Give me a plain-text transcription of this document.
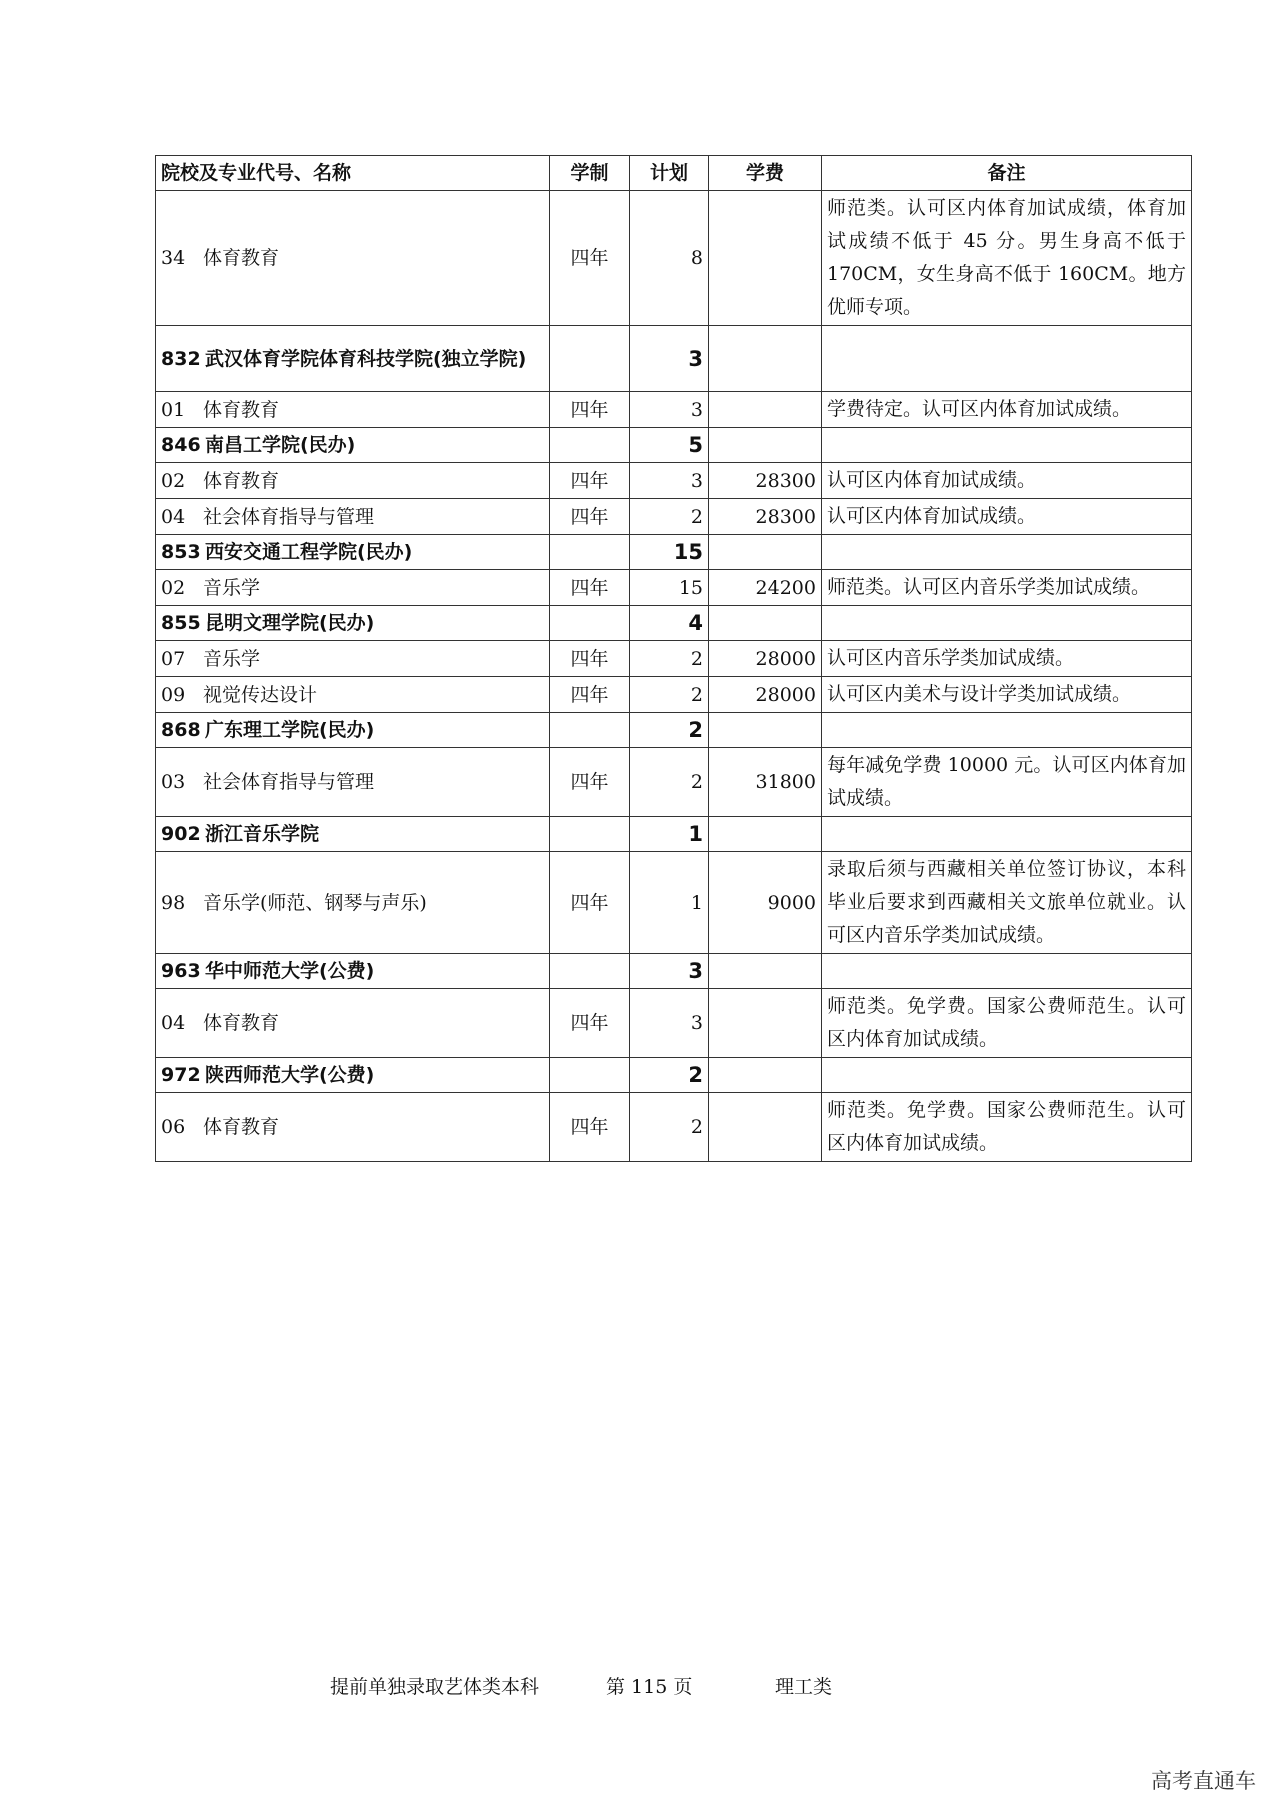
院校及专业代号、名称	学制	计划	学费	备注
34 体育教育	四年	8		师范类。认可区内体育加试成绩，体育加试成绩不低于 45 分。男生身高不低于 170CM，女生身高不低于 160CM。地方优师专项。
832 武汉体育学院体育科技学院(独立学院)		3		
01 体育教育	四年	3		学费待定。认可区内体育加试成绩。
846 南昌工学院(民办)		5		
02 体育教育	四年	3	28300	认可区内体育加试成绩。
04 社会体育指导与管理	四年	2	28300	认可区内体育加试成绩。
853 西安交通工程学院(民办)		15		
02 音乐学	四年	15	24200	师范类。认可区内音乐学类加试成绩。
855 昆明文理学院(民办)		4		
07 音乐学	四年	2	28000	认可区内音乐学类加试成绩。
09 视觉传达设计	四年	2	28000	认可区内美术与设计学类加试成绩。
868 广东理工学院(民办)		2		
03 社会体育指导与管理	四年	2	31800	每年减免学费 10000 元。认可区内体育加试成绩。
902 浙江音乐学院		1		
98 音乐学(师范、钢琴与声乐)	四年	1	9000	录取后须与西藏相关单位签订协议，本科毕业后要求到西藏相关文旅单位就业。认可区内音乐学类加试成绩。
963 华中师范大学(公费)		3		
04 体育教育	四年	3		师范类。免学费。国家公费师范生。认可区内体育加试成绩。
972 陕西师范大学(公费)		2		
06 体育教育	四年	2		师范类。免学费。国家公费师范生。认可区内体育加试成绩。
提前单独录取艺体类本科	第 115 页	理工类
高考直通车
